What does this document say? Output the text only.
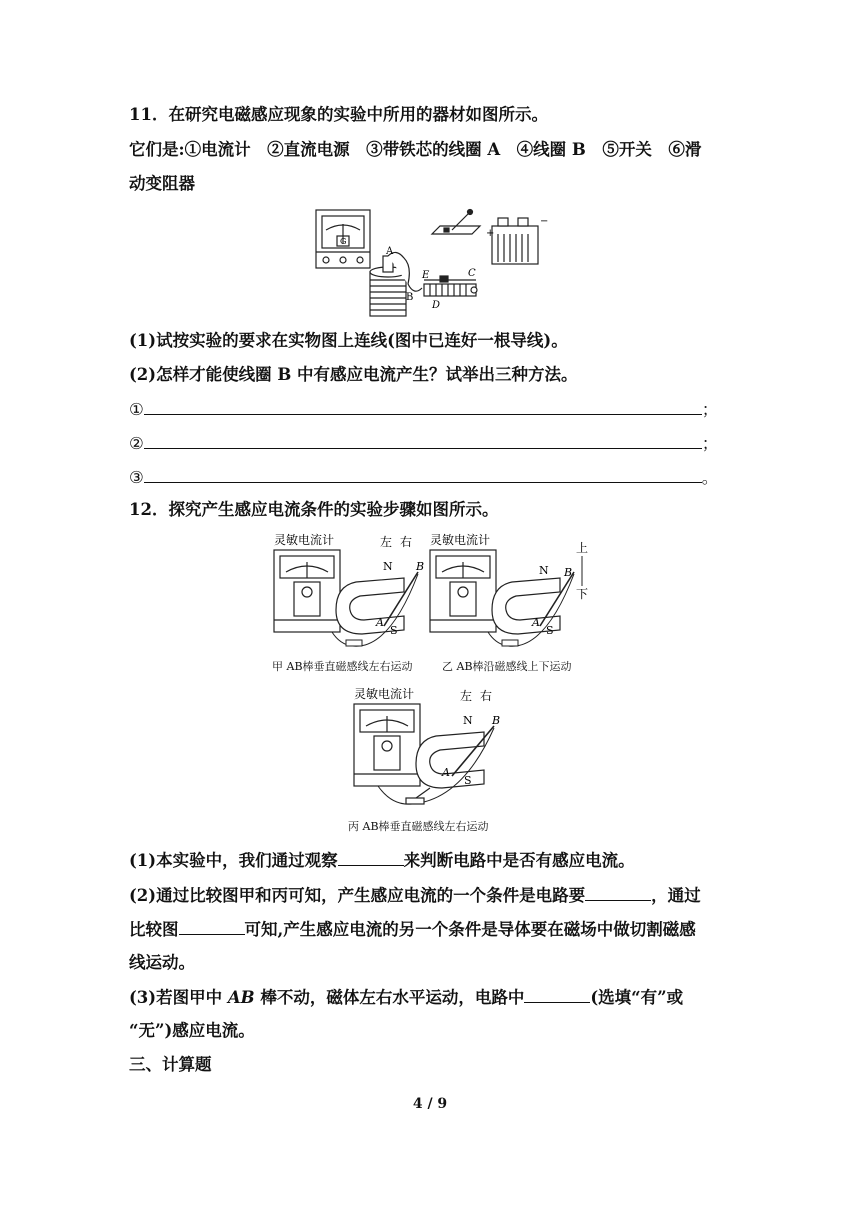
11．在研究电磁感应现象的实验中所用的器材如图所示。
它们是:①电流计　②直流电源　③带铁芯的线圈 A　④线圈 B　⑤开关　⑥滑
动变阻器
G
+
−
A
B
E	C
D
(1)试按实验的要求在实物图上连线(图中已连好一根导线)。
(2)怎样才能使线圈 B 中有感应电流产生？试举出三种方法。
①	；
②	；
③	。
12．探究产生感应电流条件的实验步骤如图所示。
灵敏电流计
N
左 右
B
A
S
灵敏电流计
N
上
下
B
A
S
甲 AB棒垂直磁感线左右运动	乙 AB棒沿磁感线上下运动
灵敏电流计
N
左 右
B
A
S
丙 AB棒垂直磁感线左右运动
(1)本实验中，我们通过观察	来判断电路中是否有感应电流。
(2)通过比较图甲和丙可知，产生感应电流的一个条件是电路要	，通过
比较图	可知,产生感应电流的另一个条件是导体要在磁场中做切割磁感
线运动。
(3)若图甲中 AB 棒不动，磁体左右水平运动，电路中	(选填“有”或
“无”)感应电流。
三、计算题
4 / 9
